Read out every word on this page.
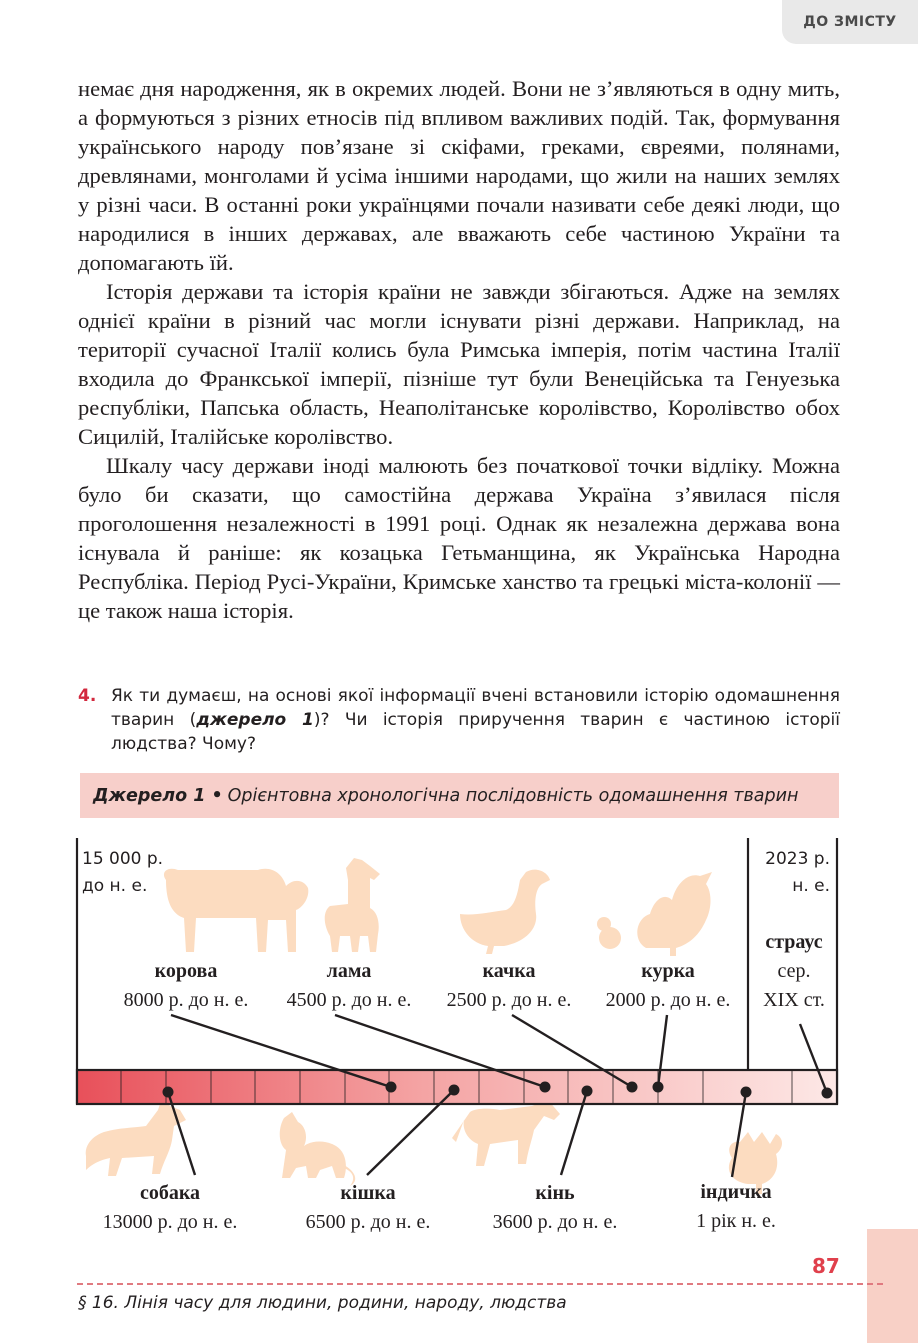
ДО ЗМІСТУ

немає дня народження, як в окремих людей. Вони не з’являються в одну мить, а формуються з різних етносів під впливом важливих подій. Так, формування українського народу пов’язане зі скіфами, греками, євреями, полянами, древлянами, монголами й усіма іншими народами, що жили на наших землях у різні часи. В останні роки українцями почали називати себе деякі люди, що народилися в інших державах, але вважають себе частиною України та допомагають їй.

Історія держави та історія країни не завжди збігаються. Адже на землях однієї країни в різний час могли існувати різні держави. Наприклад, на території сучасної Італії колись була Римська імперія, потім частина Італії входила до Франкської імперії, пізніше тут були Венеційська та Генуезька республіки, Папська область, Неаполітанське королівство, Королівство обох Сицилій, Італійське королівство.

Шкалу часу держави іноді малюють без початкової точки відліку. Можна було би сказати, що самостійна держава Україна з’явилася після проголошення незалежності в 1991 році. Однак як незалежна держава вона існувала й раніше: як козацька Гетьманщина, як Українська Народна Республіка. Період Русі-України, Кримське ханство та грецькі міста-колонії — це також наша історія.

4. Як ти думаєш, на основі якої інформації вчені встановили історію одомашнення тварин (джерело 1)? Чи історія приручення тварин є частиною історії людства? Чому?
Джерело 1 • Орієнтовна хронологічна послідовність одомашнення тварин
15 000 р.
до н. е.
2023 р.
н. е.
корова
8000 р. до н. е.
лама
4500 р. до н. е.
качка
2500 р. до н. е.
курка
2000 р. до н. е.
страус
сер.
XIX ст.
собака
13000 р. до н. е.
кішка
6500 р. до н. е.
кінь
3600 р. до н. е.
індичка
1 рік н. е.
87
§ 16. Лінія часу для людини, родини, народу, людства
